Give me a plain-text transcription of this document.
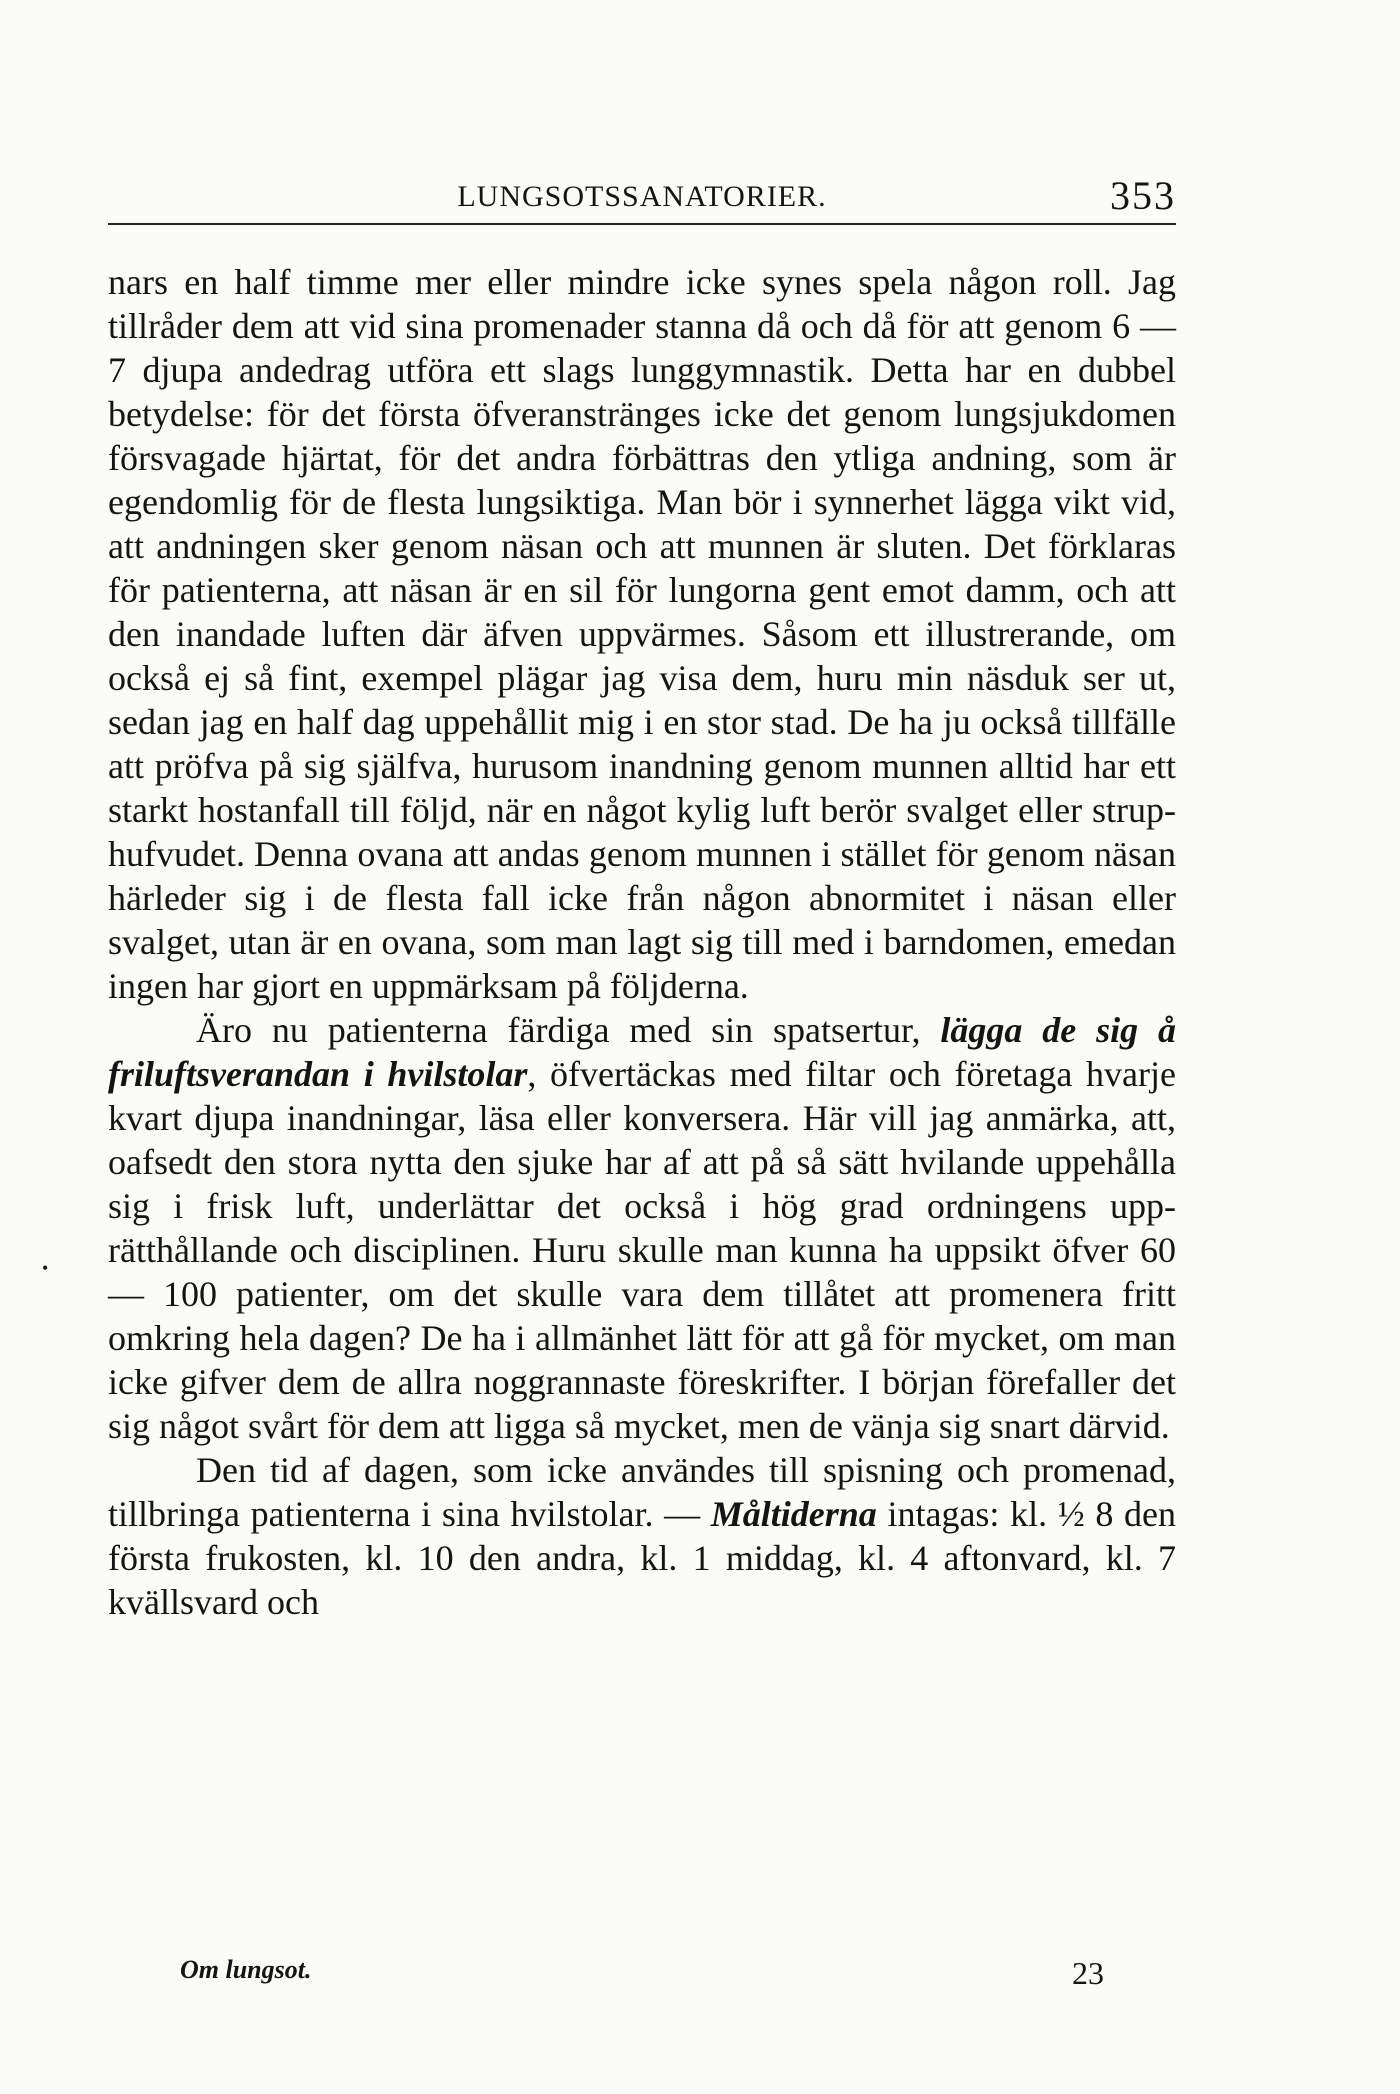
LUNGSOTSSANATORIER.	353
•

nars en half timme mer eller mindre icke synes spela någon roll. Jag tillråder dem att vid sina promenader stanna då och då för att genom 6 — 7 djupa andedrag utföra ett slags lunggymnastik. Detta har en dubbel betydelse: för det första öfveranstränges icke det genom lungsjukdomen försvagade hjärtat, för det andra förbättras den ytliga andning, som är egendomlig för de flesta lungsiktiga. Man bör i synnerhet lägga vikt vid, att andningen sker genom näsan och att munnen är sluten. Det förklaras för patienterna, att näsan är en sil för lungorna gent emot damm, och att den inandade luften där äfven uppvärmes. Såsom ett illustrerande, om också ej så fint, exempel plägar jag visa dem, huru min näsduk ser ut, sedan jag en half dag uppehållit mig i en stor stad. De ha ju också tillfälle att pröfva på sig själfva, hurusom inandning genom munnen alltid har ett starkt hostanfall till följd, när en något kylig luft berör svalget eller struphufvudet. Denna ovana att andas genom munnen i stället för genom näsan härleder sig i de flesta fall icke från någon abnormitet i näsan eller svalget, utan är en ovana, som man lagt sig till med i barndomen, emedan ingen har gjort en uppmärksam på följderna.

Äro nu patienterna färdiga med sin spatsertur, lägga de sig å friluftsverandan i hvilstolar, öfvertäckas med filtar och företaga hvarje kvart djupa inandningar, läsa eller konversera. Här vill jag anmärka, att, oafsedt den stora nytta den sjuke har af att på så sätt hvilande uppehålla sig i frisk luft, underlättar det också i hög grad ordningens upprätthållande och disciplinen. Huru skulle man kunna ha uppsikt öfver 60 — 100 patienter, om det skulle vara dem tillåtet att promenera fritt omkring hela dagen? De ha i allmänhet lätt för att gå för mycket, om man icke gifver dem de allra noggrannaste föreskrifter. I början förefaller det sig något svårt för dem att ligga så mycket, men de vänja sig snart därvid.

Den tid af dagen, som icke användes till spisning och promenad, tillbringa patienterna i sina hvilstolar. — Måltiderna intagas: kl. ½ 8 den första frukosten, kl. 10 den andra, kl. 1 middag, kl. 4 aftonvard, kl. 7 kvällsvard och

Om lungsot.	23
